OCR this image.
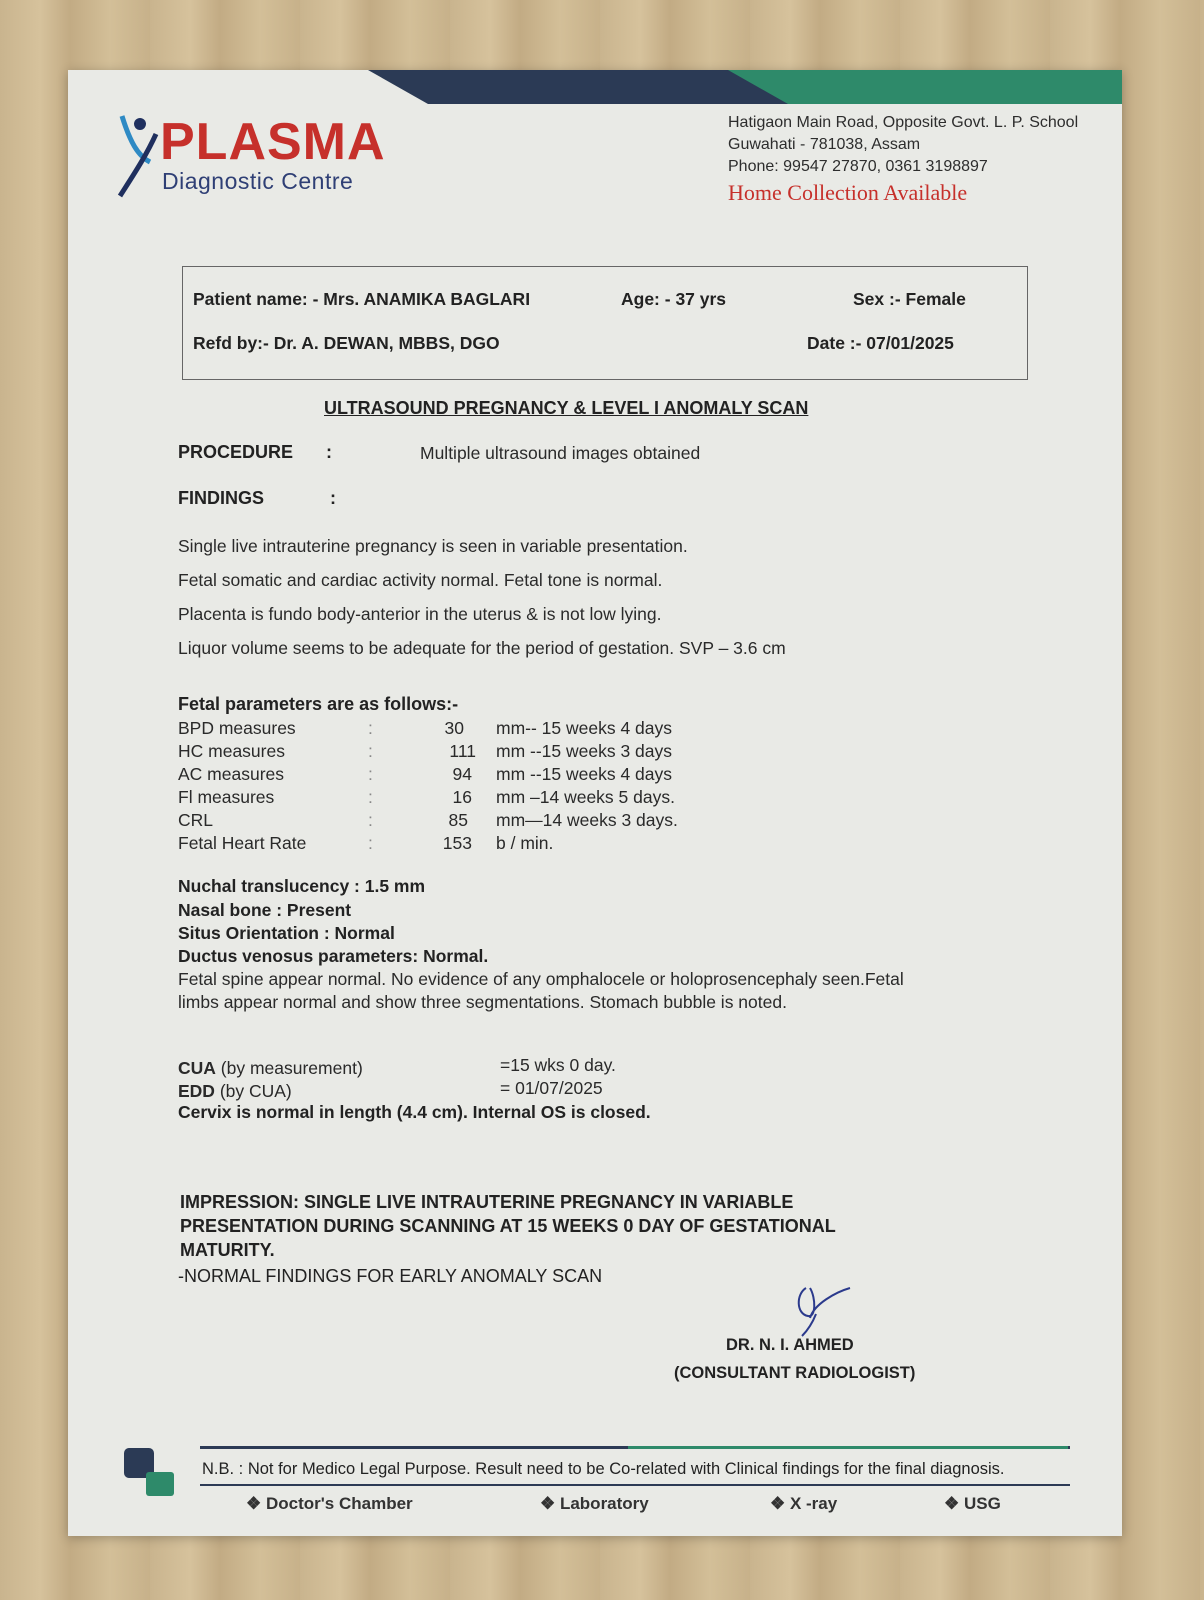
PLASMA
Diagnostic Centre
Hatigaon Main Road, Opposite Govt. L. P. School
Guwahati - 781038, Assam
Phone: 99547 27870, 0361 3198897
Home Collection Available
Patient name: - Mrs. ANAMIKA BAGLARI	Age: - 37 yrs	Sex :- Female
Refd by:- Dr. A. DEWAN, MBBS, DGO	Date :- 07/01/2025
ULTRASOUND PREGNANCY & LEVEL I ANOMALY SCAN
PROCEDURE :	Multiple ultrasound images obtained
FINDINGS	:

Single live intrauterine pregnancy is seen in variable presentation.

Fetal somatic and cardiac activity normal. Fetal tone is normal.

Placenta is fundo body-anterior in the uterus & is not low lying.

Liquor volume seems to be adequate for the period of gestation. SVP – 3.6 cm

Fetal parameters are as follows:-
BPD measures	:	30 mm-- 15 weeks 4 days
HC measures	:	111 mm --15 weeks 3 days
AC measures	:	94 mm --15 weeks 4 days
Fl measures	:	16 mm –14 weeks 5 days.
CRL	:	85 mm—14 weeks 3 days.
Fetal Heart Rate	:	153 b / min.
Nuchal translucency : 1.5 mm
Nasal bone : Present
Situs Orientation : Normal
Ductus venosus parameters: Normal.
Fetal spine appear normal. No evidence of any omphalocele or holoprosencephaly seen.Fetal
limbs appear normal and show three segmentations. Stomach bubble is noted.
CUA (by measurement)	=15 wks 0 day.
EDD (by CUA)	= 01/07/2025
Cervix is normal in length (4.4 cm). Internal OS is closed.
IMPRESSION: SINGLE LIVE INTRAUTERINE PREGNANCY IN VARIABLE
PRESENTATION DURING SCANNING AT 15 WEEKS 0 DAY OF GESTATIONAL
MATURITY.
-NORMAL FINDINGS FOR EARLY ANOMALY SCAN
DR. N. I. AHMED
(CONSULTANT RADIOLOGIST)
N.B. : Not for Medico Legal Purpose. Result need to be Co-related with Clinical findings for the final diagnosis.
❖ Doctor's Chamber	❖ Laboratory	❖ X -ray	❖ USG
